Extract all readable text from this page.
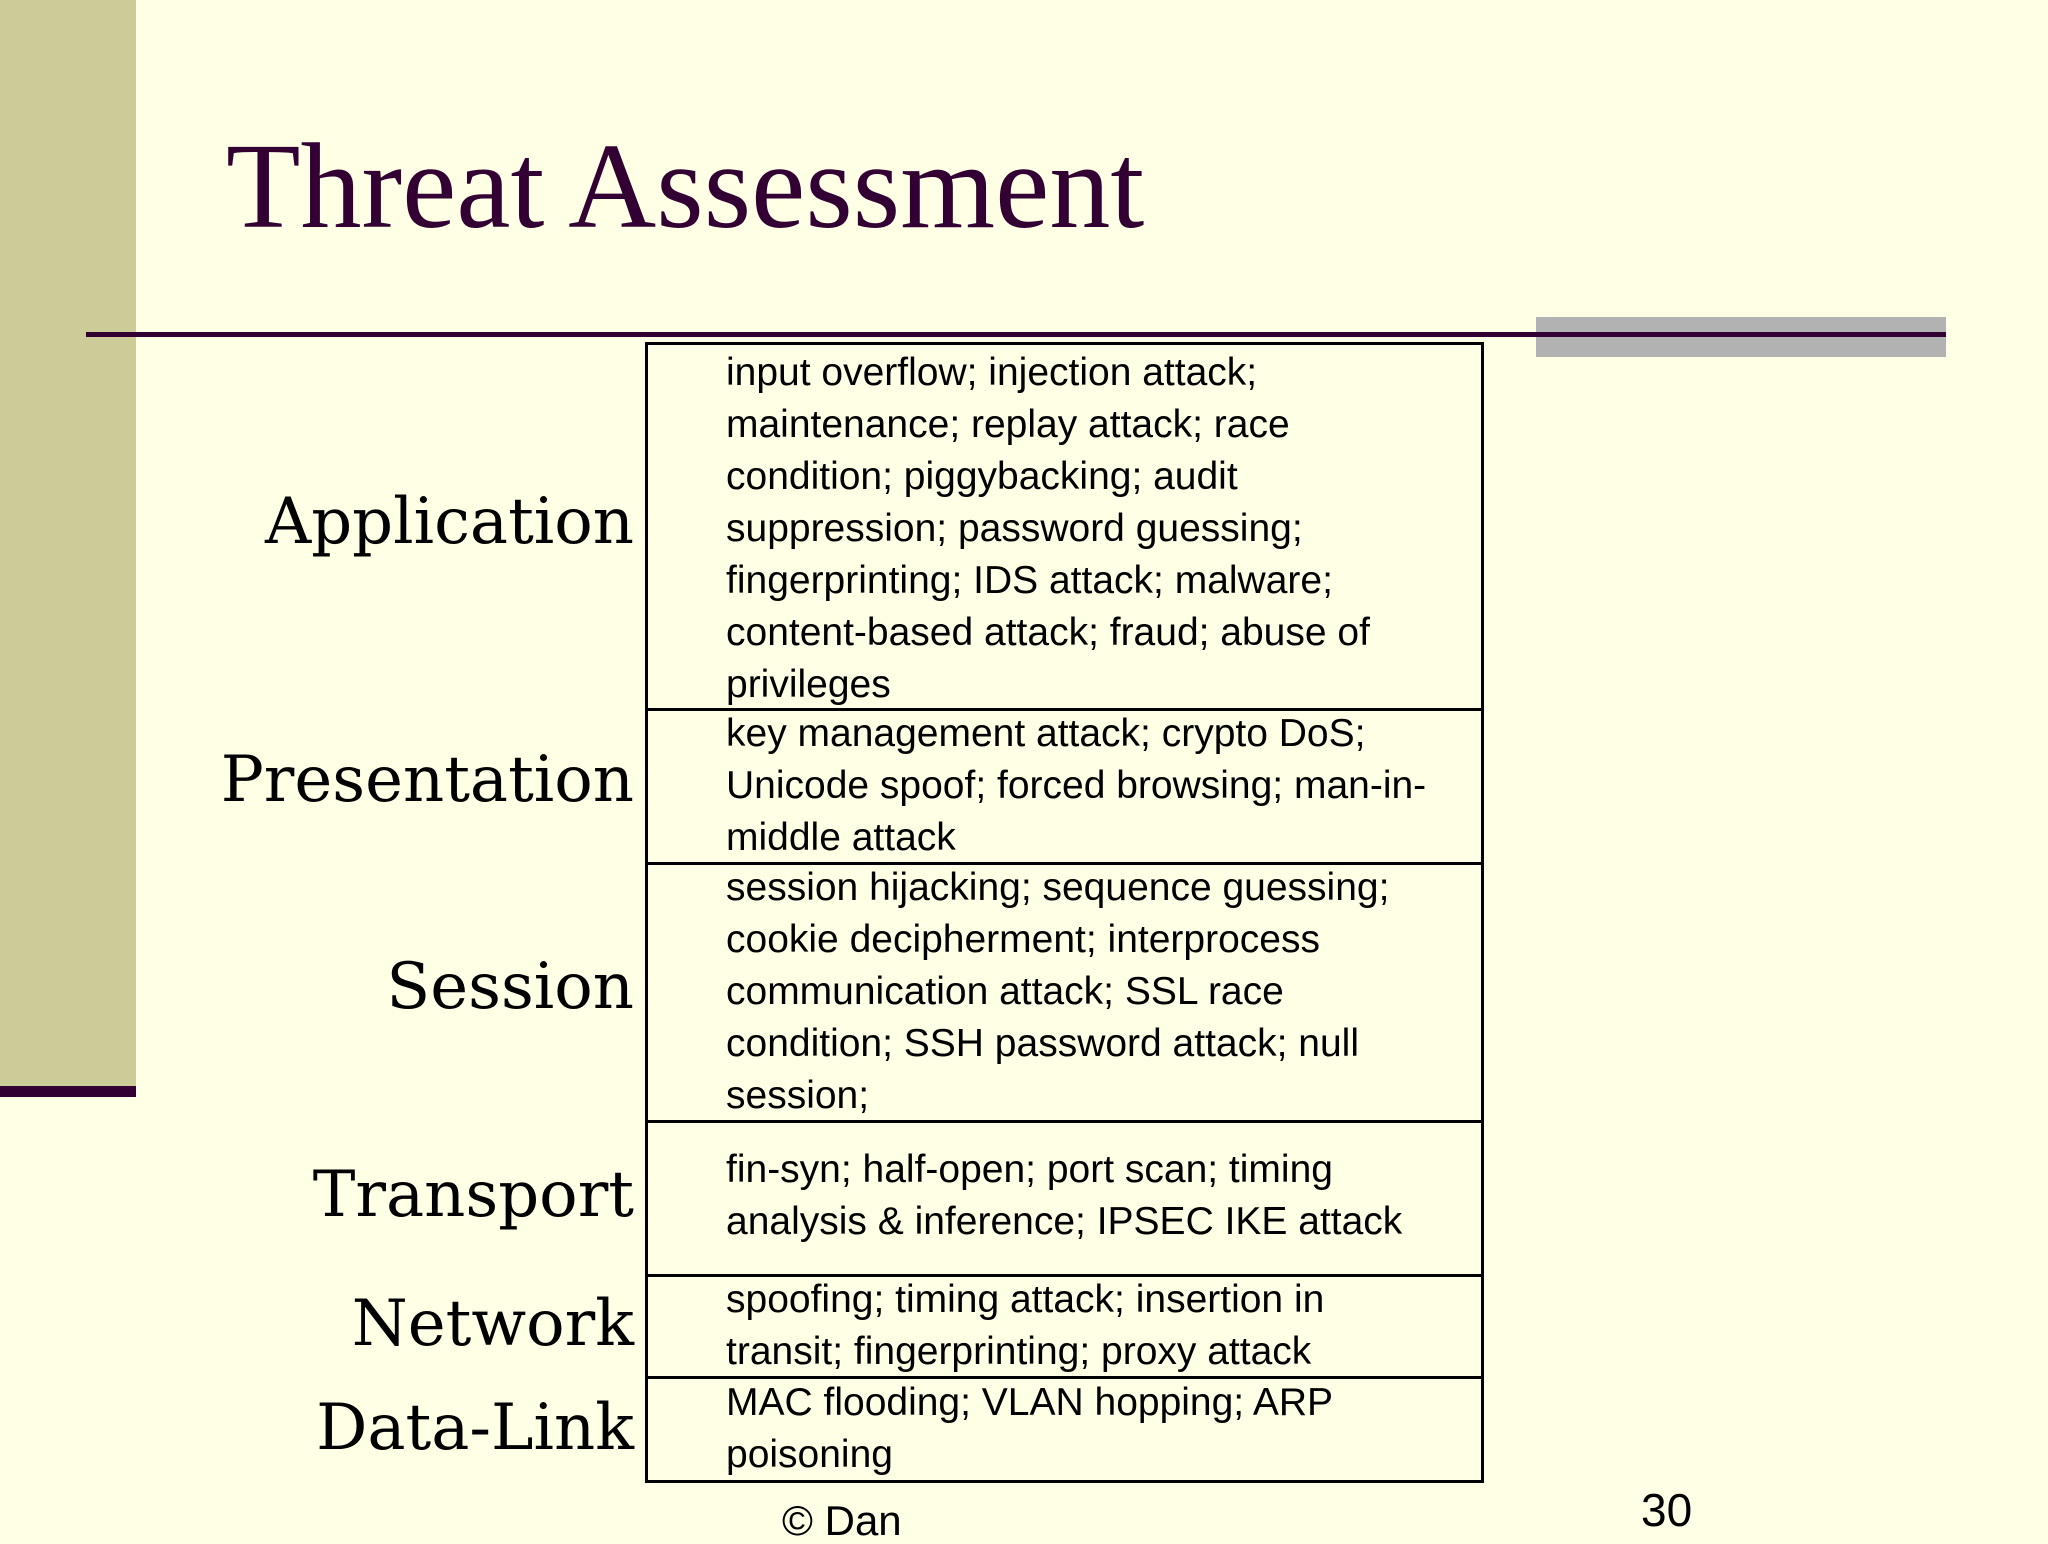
Threat Assessment
Application
Presentation
Session
Transport
Network
Data-Link
input overflow; injection attack;
maintenance; replay attack; race
condition; piggybacking; audit
suppression; password guessing;
fingerprinting; IDS attack; malware;
content-based attack; fraud; abuse of
privileges
key management attack; crypto DoS;
Unicode spoof; forced browsing; man-in-
middle attack
session hijacking; sequence guessing;
cookie decipherment; interprocess
communication attack; SSL race
condition; SSH password attack; null
session;
fin-syn; half-open; port scan; timing
analysis & inference; IPSEC IKE attack
spoofing; timing attack; insertion in
transit; fingerprinting; proxy attack
MAC flooding; VLAN hopping; ARP
poisoning
© Dan	30
